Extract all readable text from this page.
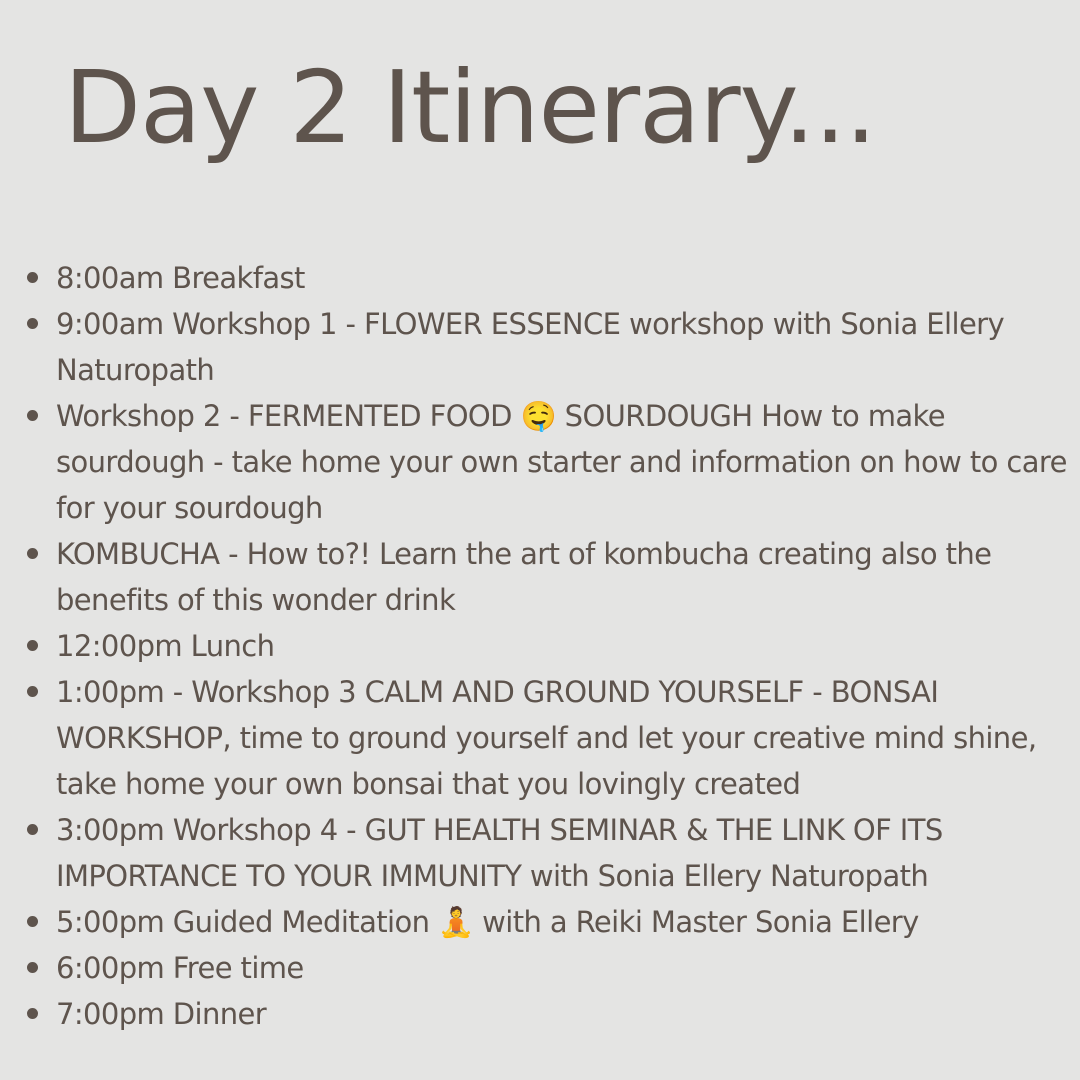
Day 2 Itinerary...
8:00am Breakfast
9:00am Workshop 1 - FLOWER ESSENCE workshop with Sonia Ellery Naturopath
Workshop 2 - FERMENTED FOOD 🤤 SOURDOUGH How to make sourdough - take home your own starter and information on how to care for your sourdough
KOMBUCHA - How to?! Learn the art of kombucha creating also the benefits of this wonder drink
12:00pm Lunch
1:00pm - Workshop 3 CALM AND GROUND YOURSELF - BONSAI WORKSHOP, time to ground yourself and let your creative mind shine, take home your own bonsai that you lovingly created
3:00pm Workshop 4 - GUT HEALTH SEMINAR & THE LINK OF ITS IMPORTANCE TO YOUR IMMUNITY with Sonia Ellery Naturopath
5:00pm Guided Meditation 🧘 with a Reiki Master Sonia Ellery
6:00pm Free time
7:00pm Dinner
